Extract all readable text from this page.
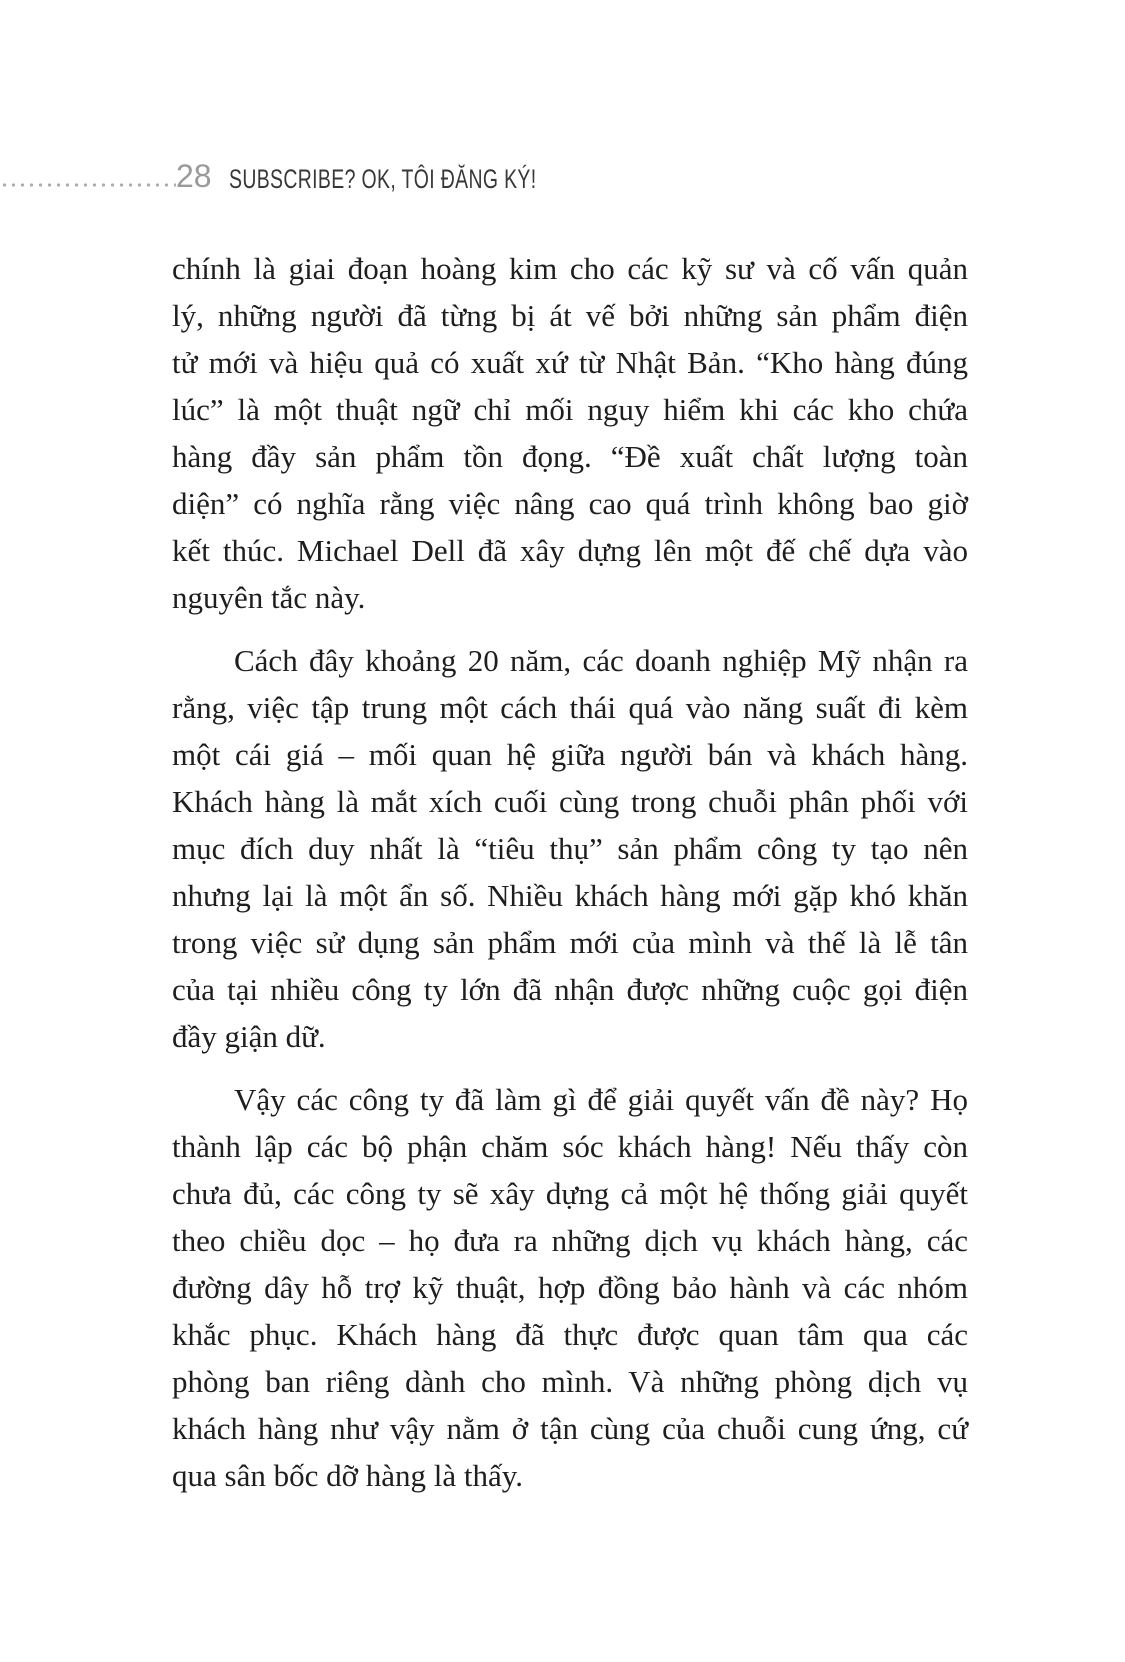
28 SUBSCRIBE? OK, TÔI ĐĂNG KÝ!
chính là giai đoạn hoàng kim cho các kỹ sư và cố vấn quản
lý, những người đã từng bị át vế bởi những sản phẩm điện
tử mới và hiệu quả có xuất xứ từ Nhật Bản. “Kho hàng đúng
lúc” là một thuật ngữ chỉ mối nguy hiểm khi các kho chứa
hàng đầy sản phẩm tồn đọng. “Đề xuất chất lượng toàn
diện” có nghĩa rằng việc nâng cao quá trình không bao giờ
kết thúc. Michael Dell đã xây dựng lên một đế chế dựa vào
nguyên tắc này.
Cách đây khoảng 20 năm, các doanh nghiệp Mỹ nhận ra
rằng, việc tập trung một cách thái quá vào năng suất đi kèm
một cái giá – mối quan hệ giữa người bán và khách hàng.
Khách hàng là mắt xích cuối cùng trong chuỗi phân phối với
mục đích duy nhất là “tiêu thụ” sản phẩm công ty tạo nên
nhưng lại là một ẩn số. Nhiều khách hàng mới gặp khó khăn
trong việc sử dụng sản phẩm mới của mình và thế là lễ tân
của tại nhiều công ty lớn đã nhận được những cuộc gọi điện
đầy giận dữ.
Vậy các công ty đã làm gì để giải quyết vấn đề này? Họ
thành lập các bộ phận chăm sóc khách hàng! Nếu thấy còn
chưa đủ, các công ty sẽ xây dựng cả một hệ thống giải quyết
theo chiều dọc – họ đưa ra những dịch vụ khách hàng, các
đường dây hỗ trợ kỹ thuật, hợp đồng bảo hành và các nhóm
khắc phục. Khách hàng đã thực được quan tâm qua các
phòng ban riêng dành cho mình. Và những phòng dịch vụ
khách hàng như vậy nằm ở tận cùng của chuỗi cung ứng, cứ
qua sân bốc dỡ hàng là thấy.
